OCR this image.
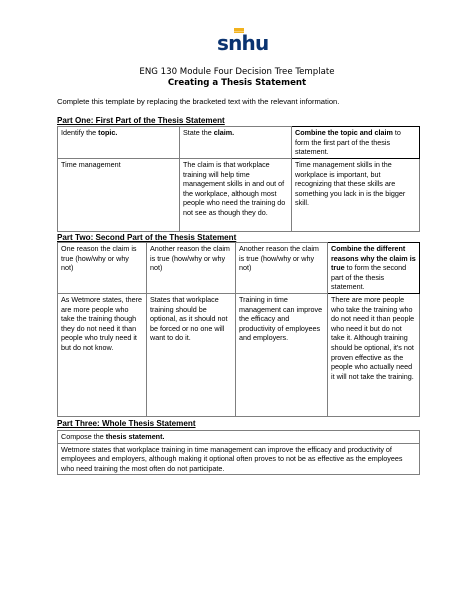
snhu
ENG 130 Module Four Decision Tree Template
Creating a Thesis Statement
Complete this template by replacing the bracketed text with the relevant information.
Part One: First Part of the Thesis Statement
Identify the topic.	State the claim.	Combine the topic and claim to form the first part of the thesis statement.
Time management	The claim is that workplace training will help time management skills in and out of the workplace, although most people who need the training do not see as though they do.	Time management skills in the workplace is important, but recognizing that these skills are something you lack in is the bigger skill.
Part Two: Second Part of the Thesis Statement
One reason the claim is true (how/why or why not)	Another reason the claim is true (how/why or why not)	Another reason the claim is true (how/why or why not)	Combine the different reasons why the claim is true to form the second part of the thesis statement.
As Wetmore states, there are more people who take the training though they do not need it than people who truly need it but do not know.	States that workplace training should be optional, as it should not be forced or no one will want to do it.	Training in time management can improve the efficacy and productivity of employees and employers.	There are more people who take the training who do not need it than people who need it but do not take it. Although training should be optional, it's not proven effective as the people who actually need it will not take the training.
Part Three: Whole Thesis Statement
Compose the thesis statement.
Wetmore states that workplace training in time management can improve the efficacy and productivity of employees and employers, although making it optional often proves to not be as effective as the employees who need training the most often do not participate.
